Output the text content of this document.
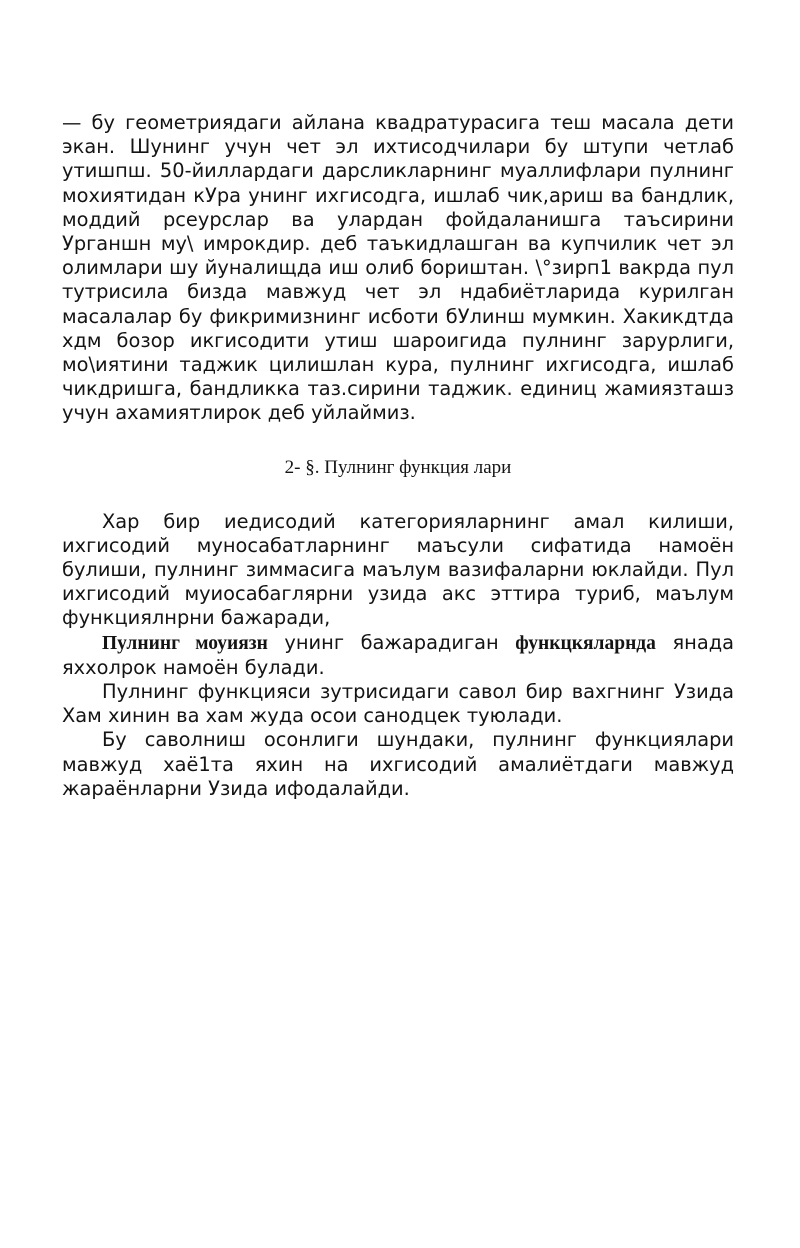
— бу геометриядаги айлана квадратурасига теш масала дети экан. Шунинг учун чет эл ихтисодчилари бу штупи четлаб утишпш. 50-йиллардаги дарсликларнинг муаллифлари пулнинг мохиятидан кУра унинг ихгисодга, ишлаб чик,ариш ва бандлик, моддий рсеурслар ва улардан фойдаланишга таъсирини Урганшн му\ имрокдир. деб таъкидлашган ва купчилик чет эл олимлари шу йуналищда иш олиб бориштан. \°зирп1 вакрда пул тутрисила бизда мавжуд чет эл ндабиётларида курилган масалалар бу фикримизнинг исботи бУлинш мумкин. Хакикдтда хдм бозор икгисодити утиш шароигида пулнинг зарурлиги, мо\иятини таджик цилишлан кура, пулнинг ихгисодга, ишлаб чикдришга, бандликка таз.сирини таджик. единиц жамиязташз учун ахамиятлирок деб уйлаймиз.

2- §. Пулнинг функция лари

Хар бир иедисодий категорияларнинг амал килиши, ихгисодий муносабатларнинг маъсули сифатида намоён булиши, пулнинг зиммасига маълум вазифаларни юклайди. Пул ихгисодий муиосабаглярни узида акс эттира туриб, маълум функциялнрни бажаради,

Пулнинг моуиязн унинг бажарадиган функцкяларнда янада яххолрок намоён булади.

Пулнинг функцияси зутрисидаги савол бир вахгнинг Узида Хам хинин ва хам жуда осои санодцек туюлади.

Бу саволниш осонлиги шундаки, пулнинг функциялари мавжуд хаё1та яхин на ихгисодий амалиётдаги мавжуд жараёнларни Узида ифодалайди.
